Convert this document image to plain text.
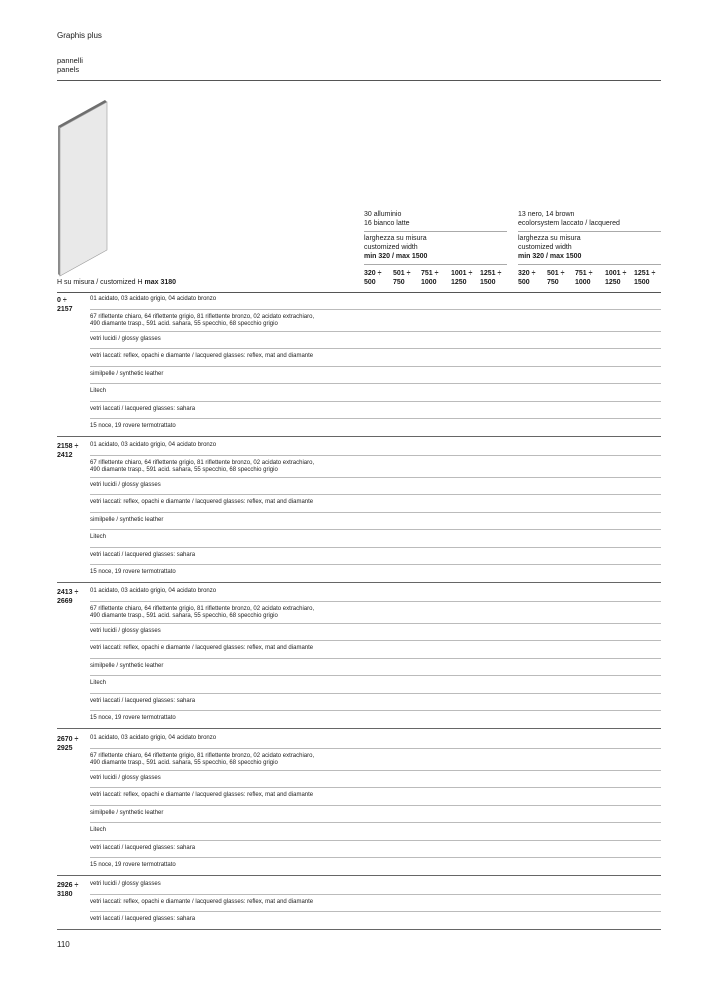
Graphis plus
pannelli
panels
H su misura / customized H max 3180
30 alluminio
16 bianco latte
larghezza su misura
customized width
min 320 / max 1500
320 ÷
500
501 ÷
750
751 ÷
1000
1001 ÷
1250
1251 ÷
1500
13 nero, 14 brown
ecolorsystem laccato / lacquered
larghezza su misura
customized width
min 320 / max 1500
320 ÷
500
501 ÷
750
751 ÷
1000
1001 ÷
1250
1251 ÷
1500
0 ÷
2157
01 acidato, 03 acidato grigio, 04 acidato bronzo
67 riflettente chiaro, 64 riflettente grigio, 81 riflettente bronzo, 02 acidato extrachiaro,
490 diamante trasp., 591 acid. sahara, 55 specchio, 68 specchio grigio
vetri lucidi / glossy glasses
vetri laccati: reflex, opachi e diamante / lacquered glasses: reflex, mat and diamante
similpelle / synthetic leather
Litech
vetri laccati / lacquered glasses: sahara
15 noce, 19 rovere termotrattato
2158 ÷
2412
01 acidato, 03 acidato grigio, 04 acidato bronzo
67 riflettente chiaro, 64 riflettente grigio, 81 riflettente bronzo, 02 acidato extrachiaro,
490 diamante trasp., 591 acid. sahara, 55 specchio, 68 specchio grigio
vetri lucidi / glossy glasses
vetri laccati: reflex, opachi e diamante / lacquered glasses: reflex, mat and diamante
similpelle / synthetic leather
Litech
vetri laccati / lacquered glasses: sahara
15 noce, 19 rovere termotrattato
2413 ÷
2669
01 acidato, 03 acidato grigio, 04 acidato bronzo
67 riflettente chiaro, 64 riflettente grigio, 81 riflettente bronzo, 02 acidato extrachiaro,
490 diamante trasp., 591 acid. sahara, 55 specchio, 68 specchio grigio
vetri lucidi / glossy glasses
vetri laccati: reflex, opachi e diamante / lacquered glasses: reflex, mat and diamante
similpelle / synthetic leather
Litech
vetri laccati / lacquered glasses: sahara
15 noce, 19 rovere termotrattato
2670 ÷
2925
01 acidato, 03 acidato grigio, 04 acidato bronzo
67 riflettente chiaro, 64 riflettente grigio, 81 riflettente bronzo, 02 acidato extrachiaro,
490 diamante trasp., 591 acid. sahara, 55 specchio, 68 specchio grigio
vetri lucidi / glossy glasses
vetri laccati: reflex, opachi e diamante / lacquered glasses: reflex, mat and diamante
similpelle / synthetic leather
Litech
vetri laccati / lacquered glasses: sahara
15 noce, 19 rovere termotrattato
2926 ÷
3180
vetri lucidi / glossy glasses
vetri laccati: reflex, opachi e diamante / lacquered glasses: reflex, mat and diamante
vetri laccati / lacquered glasses: sahara
110
